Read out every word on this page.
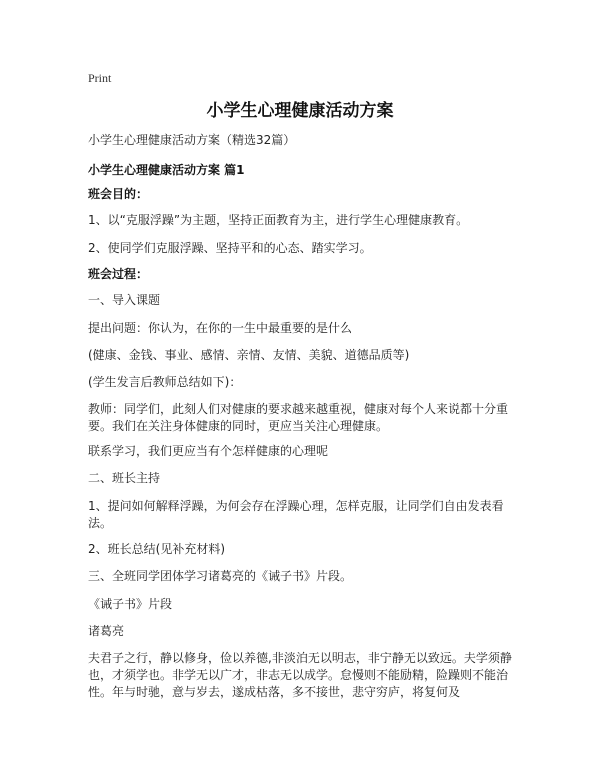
Print
小学生心理健康活动方案
小学生心理健康活动方案（精选32篇）
小学生心理健康活动方案 篇1
班会目的：
1、以“克服浮躁”为主题，坚持正面教育为主，进行学生心理健康教育。
2、使同学们克服浮躁、坚持平和的心态、踏实学习。
班会过程：
一、导入课题
提出问题：你认为，在你的一生中最重要的是什么
(健康、金钱、事业、感情、亲情、友情、美貌、道德品质等)
(学生发言后教师总结如下)：
教师：同学们，此刻人们对健康的要求越来越重视，健康对每个人来说都十分重要。我们在关注身体健康的同时，更应当关注心理健康。
联系学习，我们更应当有个怎样健康的心理呢
二、班长主持
1、提问如何解释浮躁，为何会存在浮躁心理，怎样克服，让同学们自由发表看法。
2、班长总结(见补充材料)
三、全班同学团体学习诸葛亮的《诫子书》片段。
《诫子书》片段
诸葛亮
夫君子之行，静以修身，俭以养德,非淡泊无以明志，非宁静无以致远。夫学须静也，才须学也。非学无以广才，非志无以成学。怠慢则不能励精，险躁则不能治性。年与时驰，意与岁去，遂成枯落，多不接世，悲守穷庐，将复何及
